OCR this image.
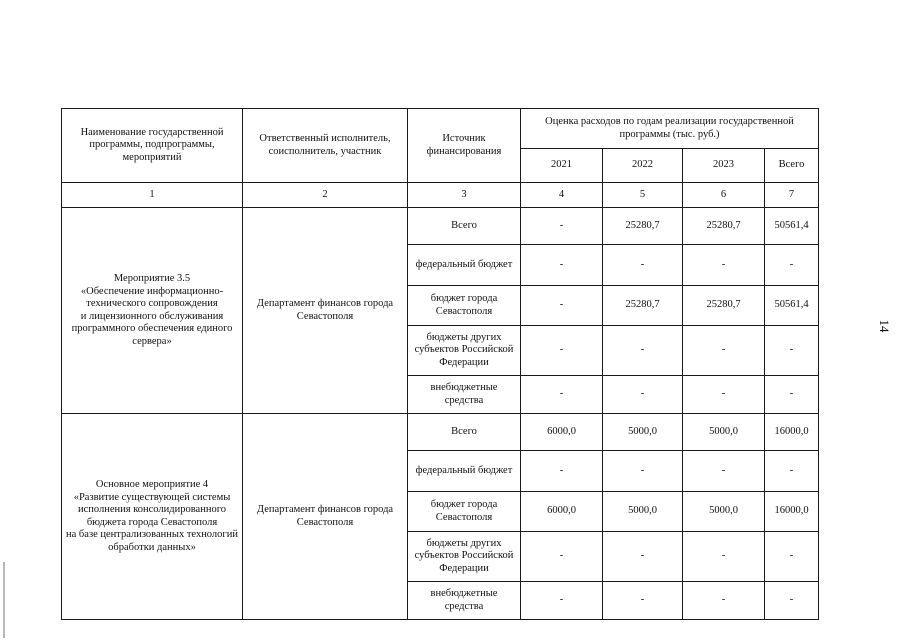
14
Наименование государственной программы, подпрограммы, мероприятий	Ответственный исполнитель, соисполнитель, участник	Источник финансирования	Оценка расходов по годам реализации государственной программы (тыс. руб.)			
			2021	2022	2023	Всего
1	2	3	4	5	6	7
Мероприятие 3.5
«Обеспечение информационно-технического сопровождения
и лицензионного обслуживания программного обеспечения единого сервера»	Департамент финансов города Севастополя	Всего	-	25280,7	25280,7	50561,4
		федеральный бюджет	-	-	-	-
		бюджет города Севастополя	-	25280,7	25280,7	50561,4
		бюджеты других субъектов Российской Федерации	-	-	-	-
		внебюджетные средства	-	-	-	-
Основное мероприятие 4
«Развитие существующей системы исполнения консолидированного бюджета города Севастополя
на базе централизованных технологий обработки данных»	Департамент финансов города Севастополя	Всего	6000,0	5000,0	5000,0	16000,0
		федеральный бюджет	-	-	-	-
		бюджет города Севастополя	6000,0	5000,0	5000,0	16000,0
		бюджеты других субъектов Российской Федерации	-	-	-	-
		внебюджетные средства	-	-	-	-
